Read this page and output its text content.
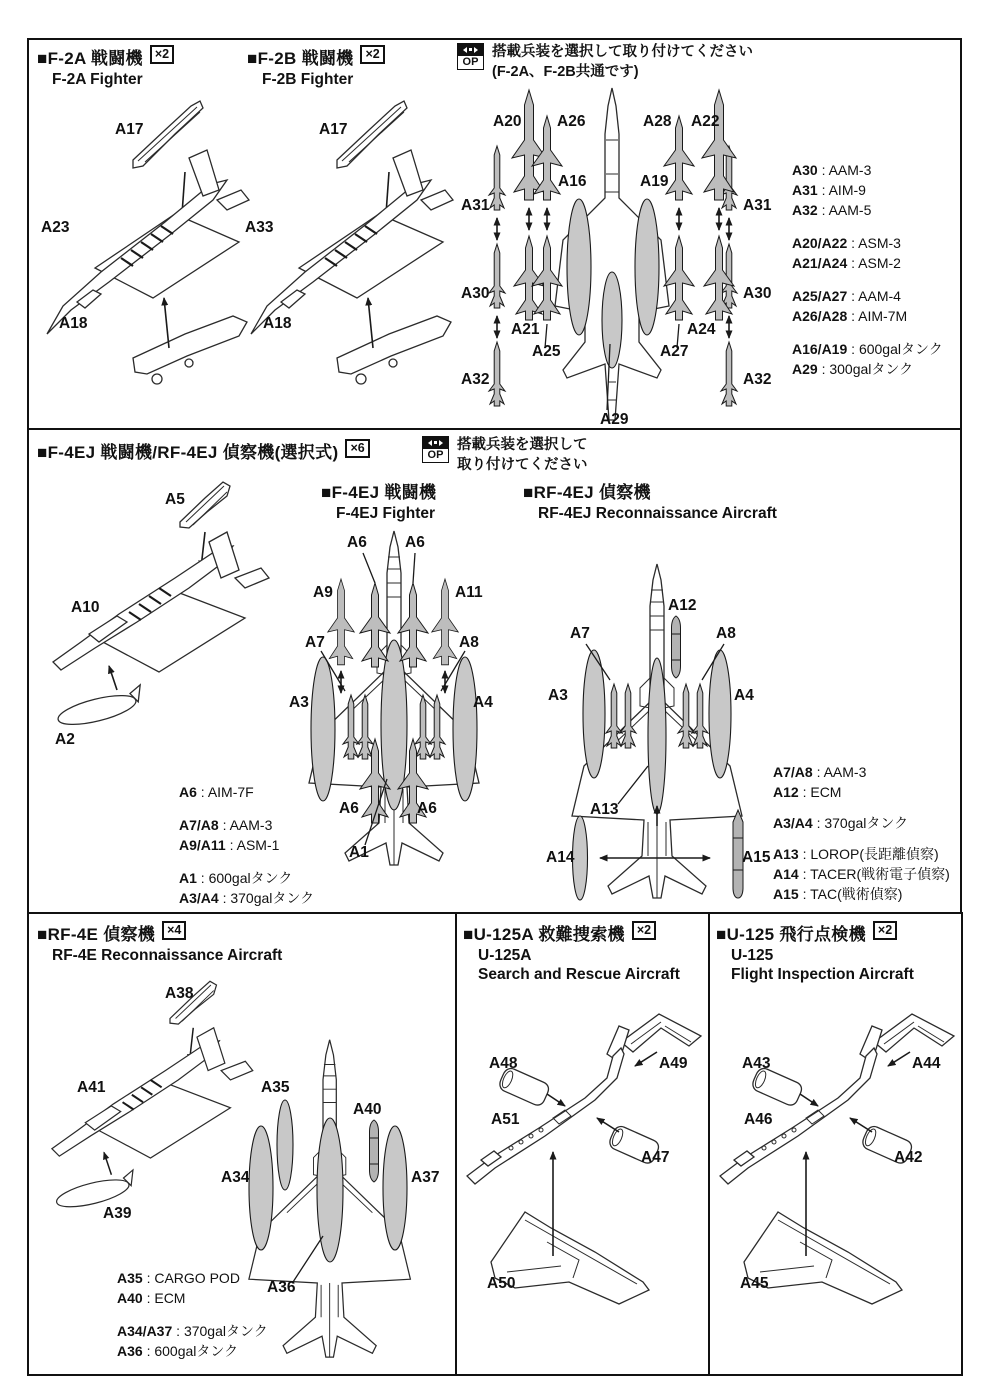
■F-2A 戦闘機 ×2
F-2A Fighter
■F-2B 戦闘機 ×2
F-2B Fighter
OP
搭載兵装を選択して取り付けてください
(F-2A、F-2B共通です)
A17
A23
A18
A17
A33
A18
A20 A26	A28 A22
A31	A31
A16	A19
A30	A30
A21
A25	A27
A24
A32	A32
A29
A30 : AAM-3
A31 : AIM-9
A32 : AAM-5
A20/A22 : ASM-3
A21/A24 : ASM-2
A25/A27 : AAM-4
A26/A28 : AIM-7M
A16/A19 : 600galタンク
A29 : 300galタンク
■F-4EJ 戦闘機/RF-4EJ 偵察機(選択式) ×6	OP
搭載兵装を選択して
取り付けてください
■F-4EJ 戦闘機
F-4EJ Fighter
■RF-4EJ 偵察機
RF-4EJ Reconnaissance Aircraft
A5
A10
A2
A6 A6
A9	A11
A7	A8
A3	A4
A6	A6
A1
A12
A7	A8
A3	A4
A13
A14	A15
A6 : AIM-7F
A7/A8 : AAM-3
A9/A11 : ASM-1
A1 : 600galタンク
A3/A4 : 370galタンク
A7/A8 : AAM-3
A12 : ECM
A3/A4 : 370galタンク
A13 : LOROP(長距離偵察)
A14 : TACER(戦術電子偵察)
A15 : TAC(戦術偵察)
■RF-4E 偵察機 ×4
RF-4E Reconnaissance Aircraft
A38
A41
A39
A35
A40
A34	A37
A36
A35 : CARGO POD
A40 : ECM
A34/A37 : 370galタンク
A36 : 600galタンク
■U-125A 救難捜索機 ×2
U-125A
Search and Rescue Aircraft
A48	A49
A51
A47
A50
■U-125 飛行点検機 ×2
U-125
Flight Inspection Aircraft
A43	A44
A46
A42
A45
